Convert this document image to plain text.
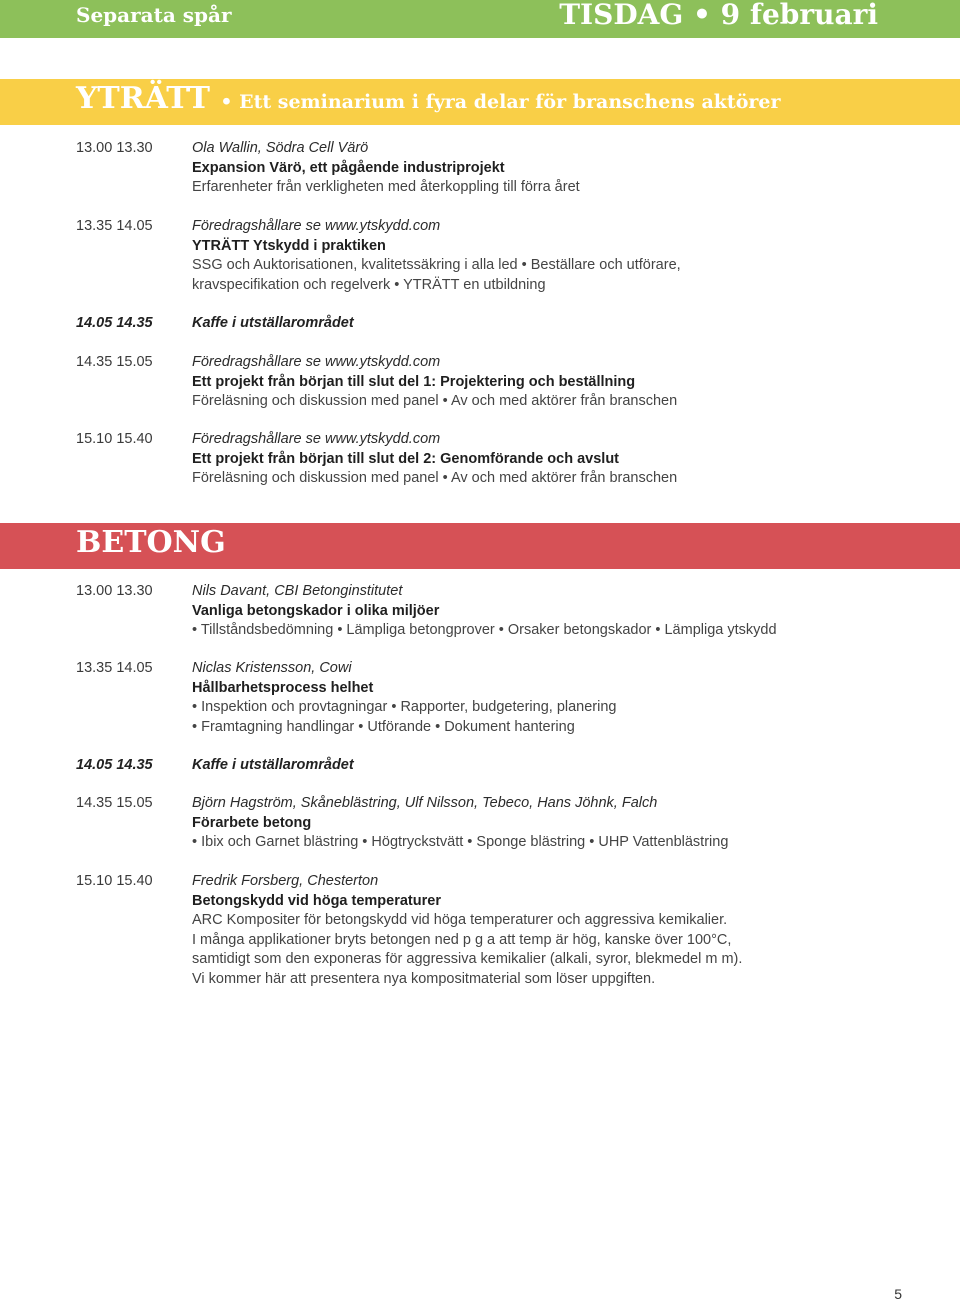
Separata spår	TISDAG • 9 februari
YTRÄTT • Ett seminarium i fyra delar för branschens aktörer
13.00 13.30	Ola Wallin, Södra Cell Värö
Expansion Värö, ett pågående industriprojekt
Erfarenheter från verkligheten med återkoppling till förra året
13.35 14.05	Föredragshållare se www.ytskydd.com
YTRÄTT Ytskydd i praktiken
SSG och Auktorisationen, kvalitetssäkring i alla led • Beställare och utförare,
kravspecifikation och regelverk • YTRÄTT en utbildning
14.05 14.35	Kaffe i utställarområdet
14.35 15.05	Föredragshållare se www.ytskydd.com
Ett projekt från början till slut del 1: Projektering och beställning
Föreläsning och diskussion med panel • Av och med aktörer från branschen
15.10 15.40	Föredragshållare se www.ytskydd.com
Ett projekt från början till slut del 2: Genomförande och avslut
Föreläsning och diskussion med panel • Av och med aktörer från branschen
BETONG
13.00 13.30	Nils Davant, CBI Betonginstitutet
Vanliga betongskador i olika miljöer
• Tillståndsbedömning • Lämpliga betongprover • Orsaker betongskador • Lämpliga ytskydd
13.35 14.05	Niclas Kristensson, Cowi
Hållbarhetsprocess helhet
• Inspektion och provtagningar • Rapporter, budgetering, planering
• Framtagning handlingar • Utförande • Dokument hantering
14.05 14.35	Kaffe i utställarområdet
14.35 15.05	Björn Hagström, Skåneblästring, Ulf Nilsson, Tebeco, Hans Jöhnk, Falch
Förarbete betong
• Ibix och Garnet blästring • Högtryckstvätt • Sponge blästring • UHP Vattenblästring
15.10 15.40	Fredrik Forsberg, Chesterton
Betongskydd vid höga temperaturer
ARC Kompositer för betongskydd vid höga temperaturer och aggressiva kemikalier.
I många applikationer bryts betongen ned p g a att temp är hög, kanske över 100°C,
samtidigt som den exponeras för aggressiva kemikalier (alkali, syror, blekmedel m m).
Vi kommer här att presentera nya kompositmaterial som löser uppgiften.
5
